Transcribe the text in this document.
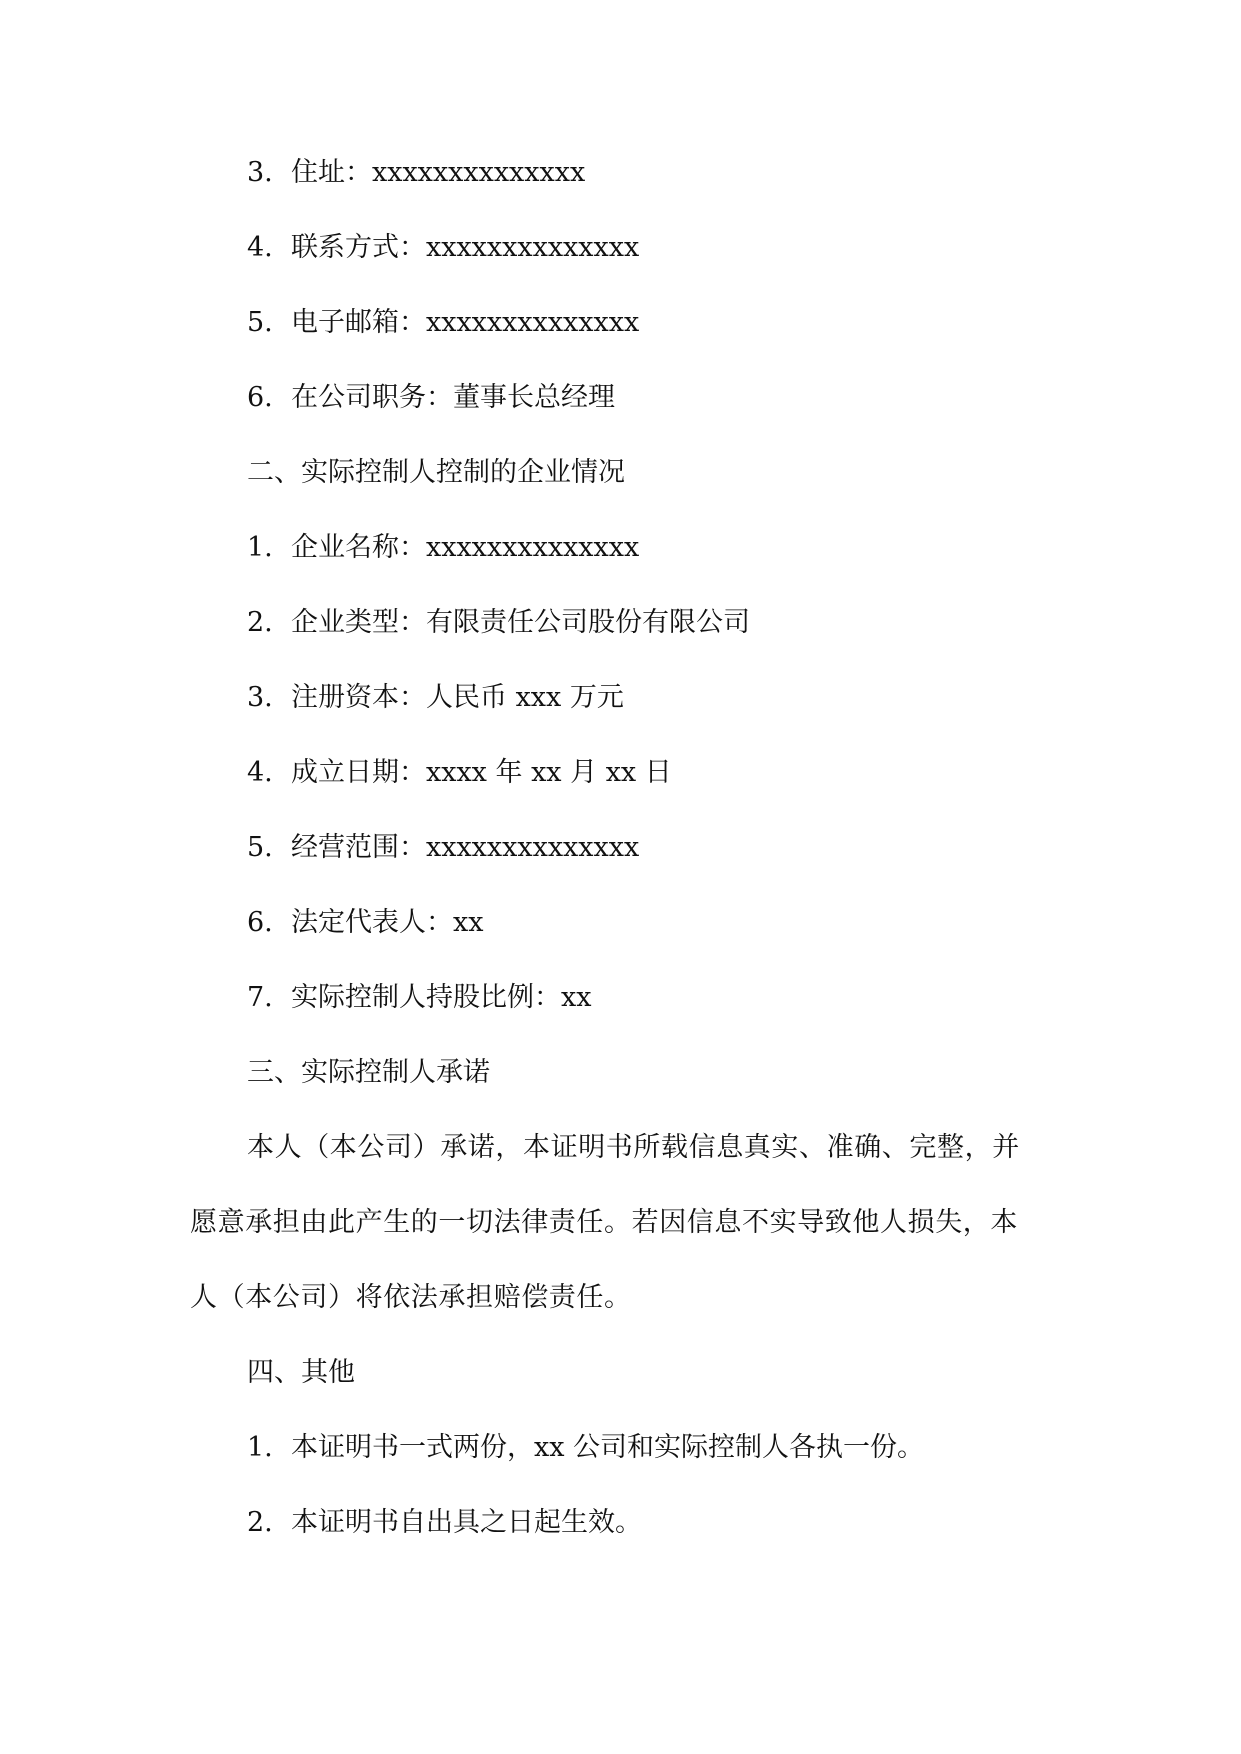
3. 住址：xxxxxxxxxxxxxx
4. 联系方式：xxxxxxxxxxxxxx
5. 电子邮箱：xxxxxxxxxxxxxx
6. 在公司职务：董事长总经理
二、实际控制人控制的企业情况
1. 企业名称：xxxxxxxxxxxxxx
2. 企业类型：有限责任公司股份有限公司
3. 注册资本：人民币 xxx 万元
4. 成立日期：xxxx 年 xx 月 xx 日
5. 经营范围：xxxxxxxxxxxxxx
6. 法定代表人：xx
7. 实际控制人持股比例：xx
三、实际控制人承诺
本人（本公司）承诺，本证明书所载信息真实、准确、完整，并
愿意承担由此产生的一切法律责任。若因信息不实导致他人损失，本
人（本公司）将依法承担赔偿责任。
四、其他
1. 本证明书一式两份，xx 公司和实际控制人各执一份。
2. 本证明书自出具之日起生效。
